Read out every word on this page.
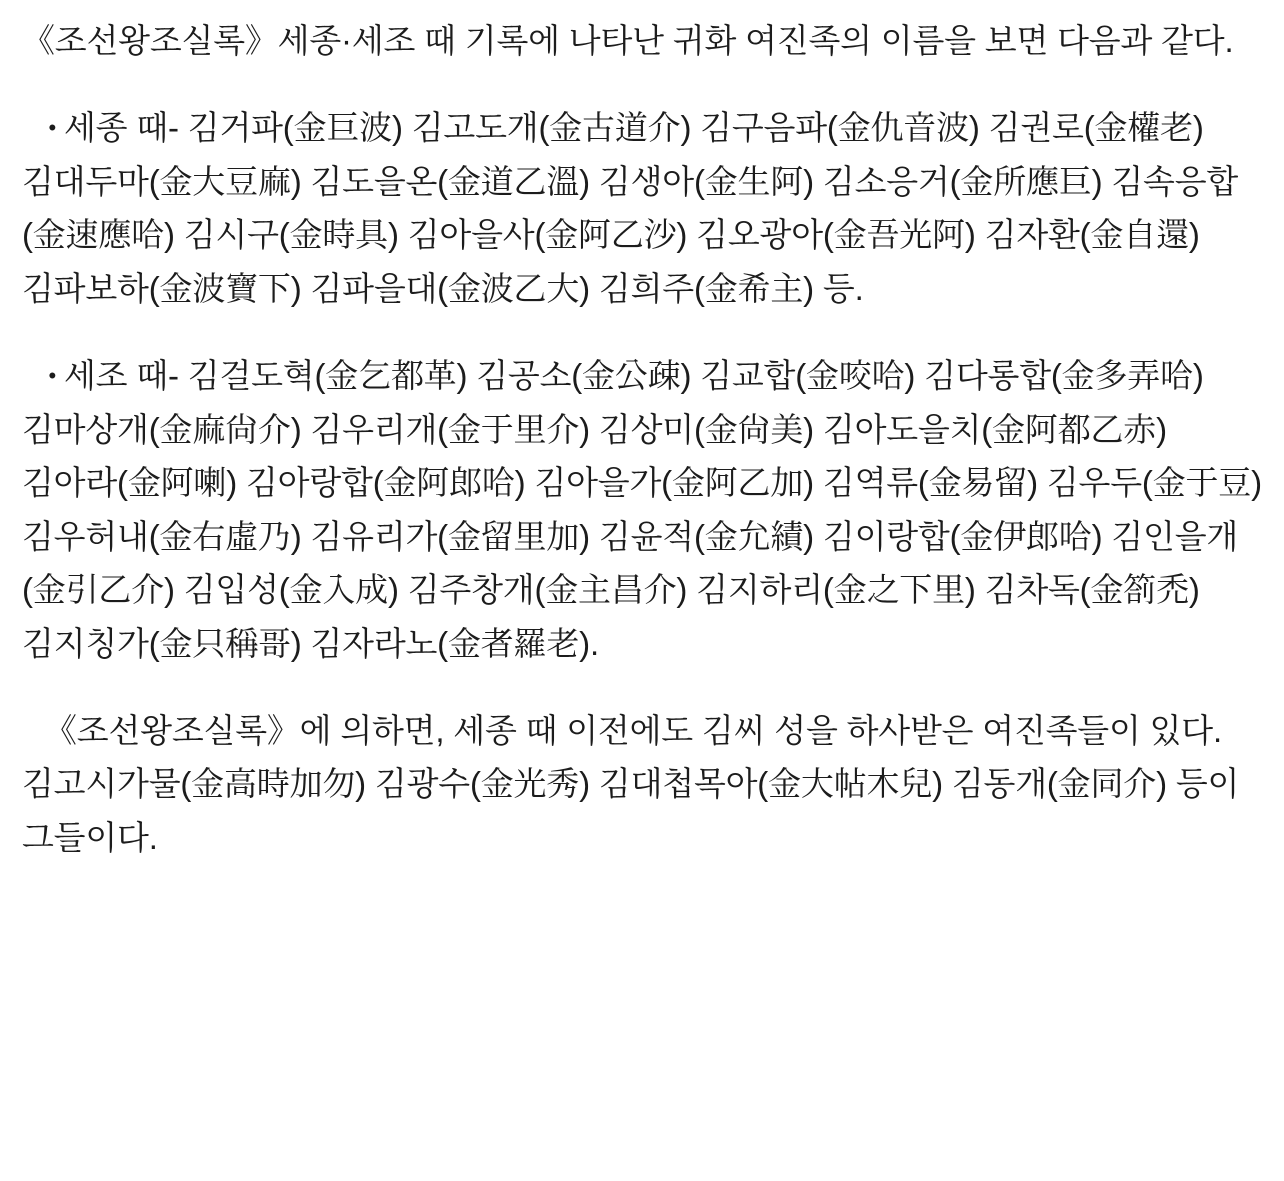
《조선왕조실록》세종·세조 때 기록에 나타난 귀화 여진족의 이름을 보면 다음과 같다.

• 세종 때- 김거파(金巨波) 김고도개(金古道介) 김구음파(金仇音波) 김권로(金權老) 김대두마(金大豆麻) 김도을온(金道乙溫) 김생아(金生阿) 김소응거(金所應巨) 김속응합(金速應哈) 김시구(金時具) 김아을사(金阿乙沙) 김오광아(金吾光阿) 김자환(金自還) 김파보하(金波寶下) 김파을대(金波乙大) 김희주(金希主) 등.

• 세조 때- 김걸도혁(金乞都革) 김공소(金公疎) 김교합(金咬哈) 김다롱합(金多弄哈) 김마상개(金麻尙介) 김우리개(金于里介) 김상미(金尙美) 김아도을치(金阿都乙赤) 김아라(金阿喇) 김아랑합(金阿郞哈) 김아을가(金阿乙加) 김역류(金易留) 김우두(金于豆) 김우허내(金右虛乃) 김유리가(金留里加) 김윤적(金允績) 김이랑합(金伊郞哈) 김인을개(金引乙介) 김입성(金入成) 김주창개(金主昌介) 김지하리(金之下里) 김차독(金箚禿) 김지칭가(金只稱哥) 김자라노(金者羅老).

《조선왕조실록》에 의하면, 세종 때 이전에도 김씨 성을 하사받은 여진족들이 있다. 김고시가물(金高時加勿) 김광수(金光秀) 김대첩목아(金大帖木兒) 김동개(金同介) 등이 그들이다.
